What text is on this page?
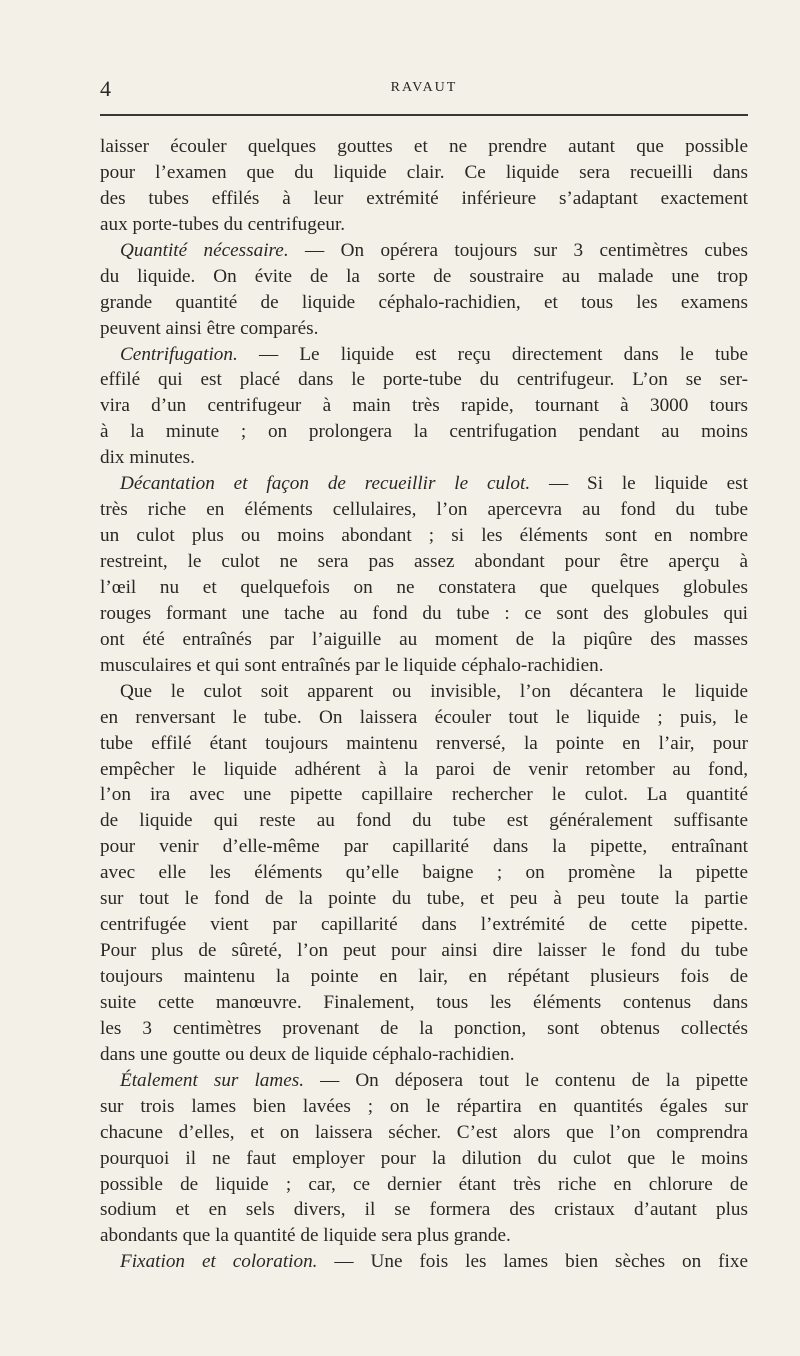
4	RAVAUT
laisser écouler quelques gouttes et ne prendre autant que possible
pour l’examen que du liquide clair. Ce liquide sera recueilli dans
des tubes effilés à leur extrémité inférieure s’adaptant exactement
aux porte-tubes du centrifugeur.
Quantité nécessaire. — On opérera toujours sur 3 centimètres cubes
du liquide. On évite de la sorte de soustraire au malade une trop
grande quantité de liquide céphalo-rachidien, et tous les examens
peuvent ainsi être comparés.
Centrifugation. — Le liquide est reçu directement dans le tube
effilé qui est placé dans le porte-tube du centrifugeur. L’on se ser-
vira d’un centrifugeur à main très rapide, tournant à 3000 tours
à la minute ; on prolongera la centrifugation pendant au moins
dix minutes.
Décantation et façon de recueillir le culot. — Si le liquide est
très riche en éléments cellulaires, l’on apercevra au fond du tube
un culot plus ou moins abondant ; si les éléments sont en nombre
restreint, le culot ne sera pas assez abondant pour être aperçu à
l’œil nu et quelquefois on ne constatera que quelques globules
rouges formant une tache au fond du tube : ce sont des globules qui
ont été entraînés par l’aiguille au moment de la piqûre des masses
musculaires et qui sont entraînés par le liquide céphalo-rachidien.
Que le culot soit apparent ou invisible, l’on décantera le liquide
en renversant le tube. On laissera écouler tout le liquide ; puis, le
tube effilé étant toujours maintenu renversé, la pointe en l’air, pour
empêcher le liquide adhérent à la paroi de venir retomber au fond,
l’on ira avec une pipette capillaire rechercher le culot. La quantité
de liquide qui reste au fond du tube est généralement suffisante
pour venir d’elle-même par capillarité dans la pipette, entraînant
avec elle les éléments qu’elle baigne ; on promène la pipette
sur tout le fond de la pointe du tube, et peu à peu toute la partie
centrifugée vient par capillarité dans l’extrémité de cette pipette.
Pour plus de sûreté, l’on peut pour ainsi dire laisser le fond du tube
toujours maintenu la pointe en lair, en répétant plusieurs fois de
suite cette manœuvre. Finalement, tous les éléments contenus dans
les 3 centimètres provenant de la ponction, sont obtenus collectés
dans une goutte ou deux de liquide céphalo-rachidien.
Étalement sur lames. — On déposera tout le contenu de la pipette
sur trois lames bien lavées ; on le répartira en quantités égales sur
chacune d’elles, et on laissera sécher. C’est alors que l’on comprendra
pourquoi il ne faut employer pour la dilution du culot que le moins
possible de liquide ; car, ce dernier étant très riche en chlorure de
sodium et en sels divers, il se formera des cristaux d’autant plus
abondants que la quantité de liquide sera plus grande.
Fixation et coloration. — Une fois les lames bien sèches on fixe
